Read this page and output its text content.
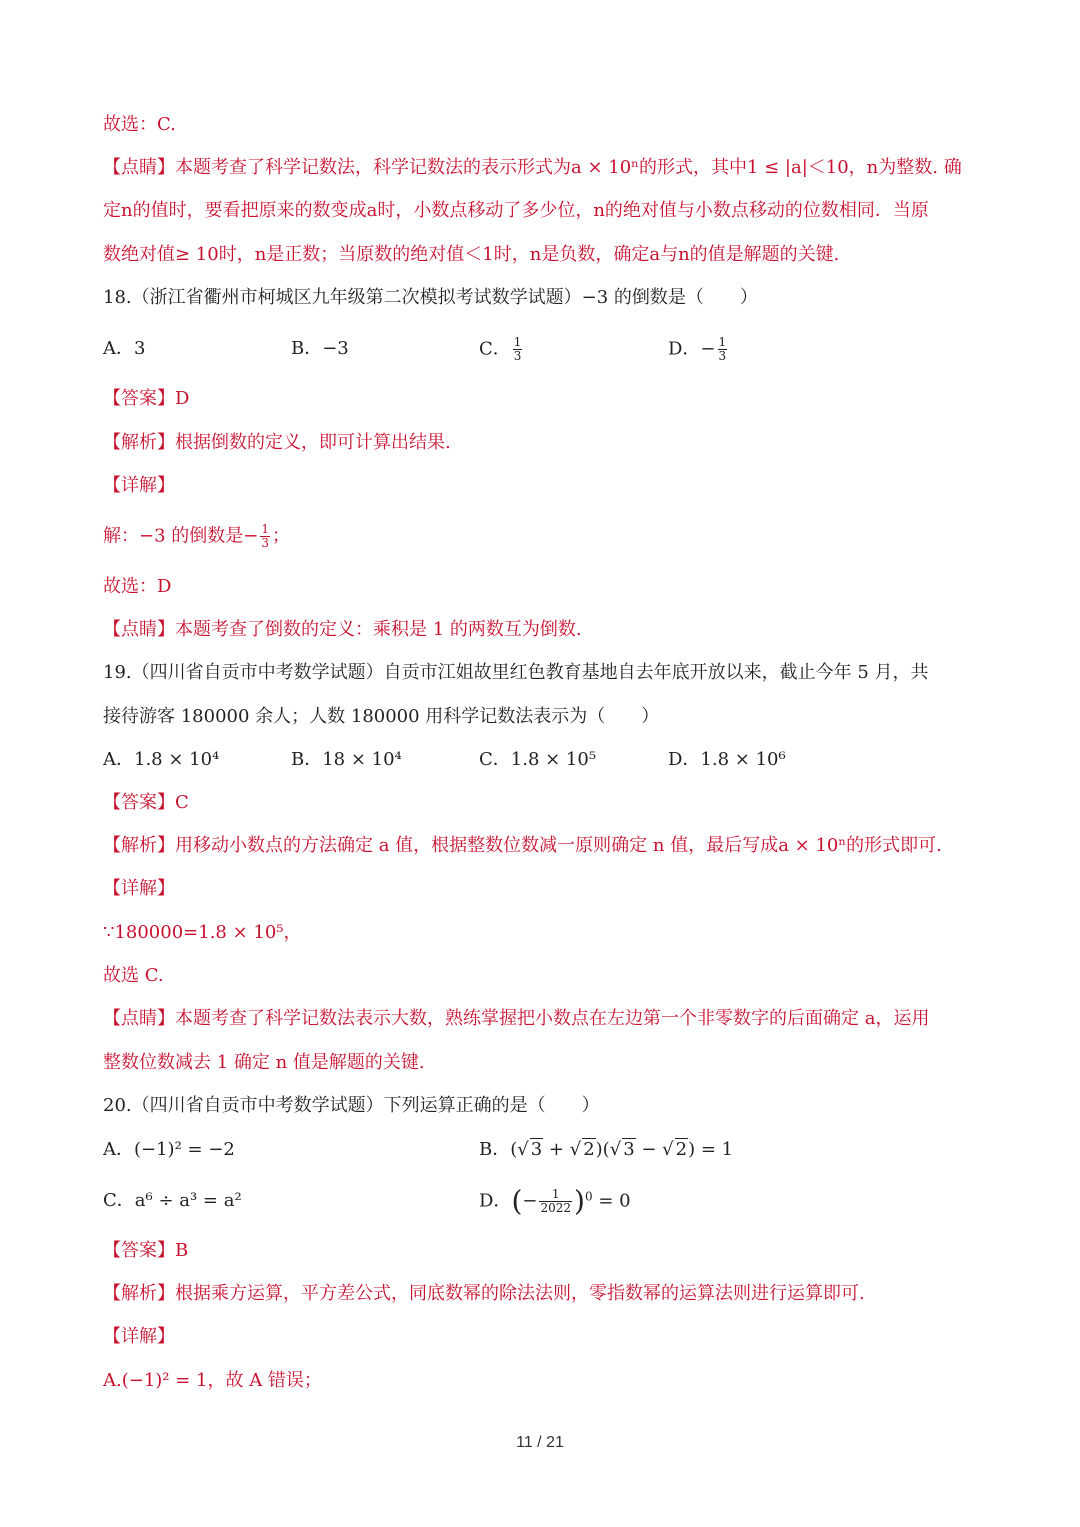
故选：C.
【点睛】本题考查了科学记数法，科学记数法的表示形式为a × 10ⁿ的形式，其中1 ≤ |a|＜10，n为整数. 确
定n的值时，要看把原来的数变成a时，小数点移动了多少位，n的绝对值与小数点移动的位数相同．当原
数绝对值≥ 10时，n是正数；当原数的绝对值＜1时，n是负数，确定a与n的值是解题的关键.
18.（浙江省衢州市柯城区九年级第二次模拟考试数学试题）−3 的倒数是（　　）
A．3	B．−3	C． $\frac{1}{3}$	D．− $\frac{1}{3}$
【答案】D
【解析】根据倒数的定义，即可计算出结果.
【详解】
解：−3 的倒数是− $\frac{1}{3}$ ；
故选：D
【点睛】本题考查了倒数的定义：乘积是 1 的两数互为倒数.
19.（四川省自贡市中考数学试题）自贡市江姐故里红色教育基地自去年底开放以来，截止今年 5 月，共
接待游客 180000 余人；人数 180000 用科学记数法表示为（　　）
A．1.8 × 10⁴	B．18 × 10⁴	C．1.8 × 10⁵	D．1.8 × 10⁶
【答案】C
【解析】用移动小数点的方法确定 a 值，根据整数位数减一原则确定 n 值，最后写成a × 10ⁿ的形式即可.
【详解】
∵180000=1.8 × 10⁵，
故选 C.
【点睛】本题考查了科学记数法表示大数，熟练掌握把小数点在左边第一个非零数字的后面确定 a，运用
整数位数减去 1 确定 n 值是解题的关键.
20.（四川省自贡市中考数学试题）下列运算正确的是（　　）
A．(−1)² = −2	B．(√ 3 + √ 2)(√ 3 − √ 2) = 1
C．a⁶ ÷ a³ = a²	D．(− $\frac{1}{2022} )^0 = 0$
【答案】B
【解析】根据乘方运算，平方差公式，同底数幂的除法法则，零指数幂的运算法则进行运算即可.
【详解】
A.(−1)² = 1，故 A 错误；
11 / 21
